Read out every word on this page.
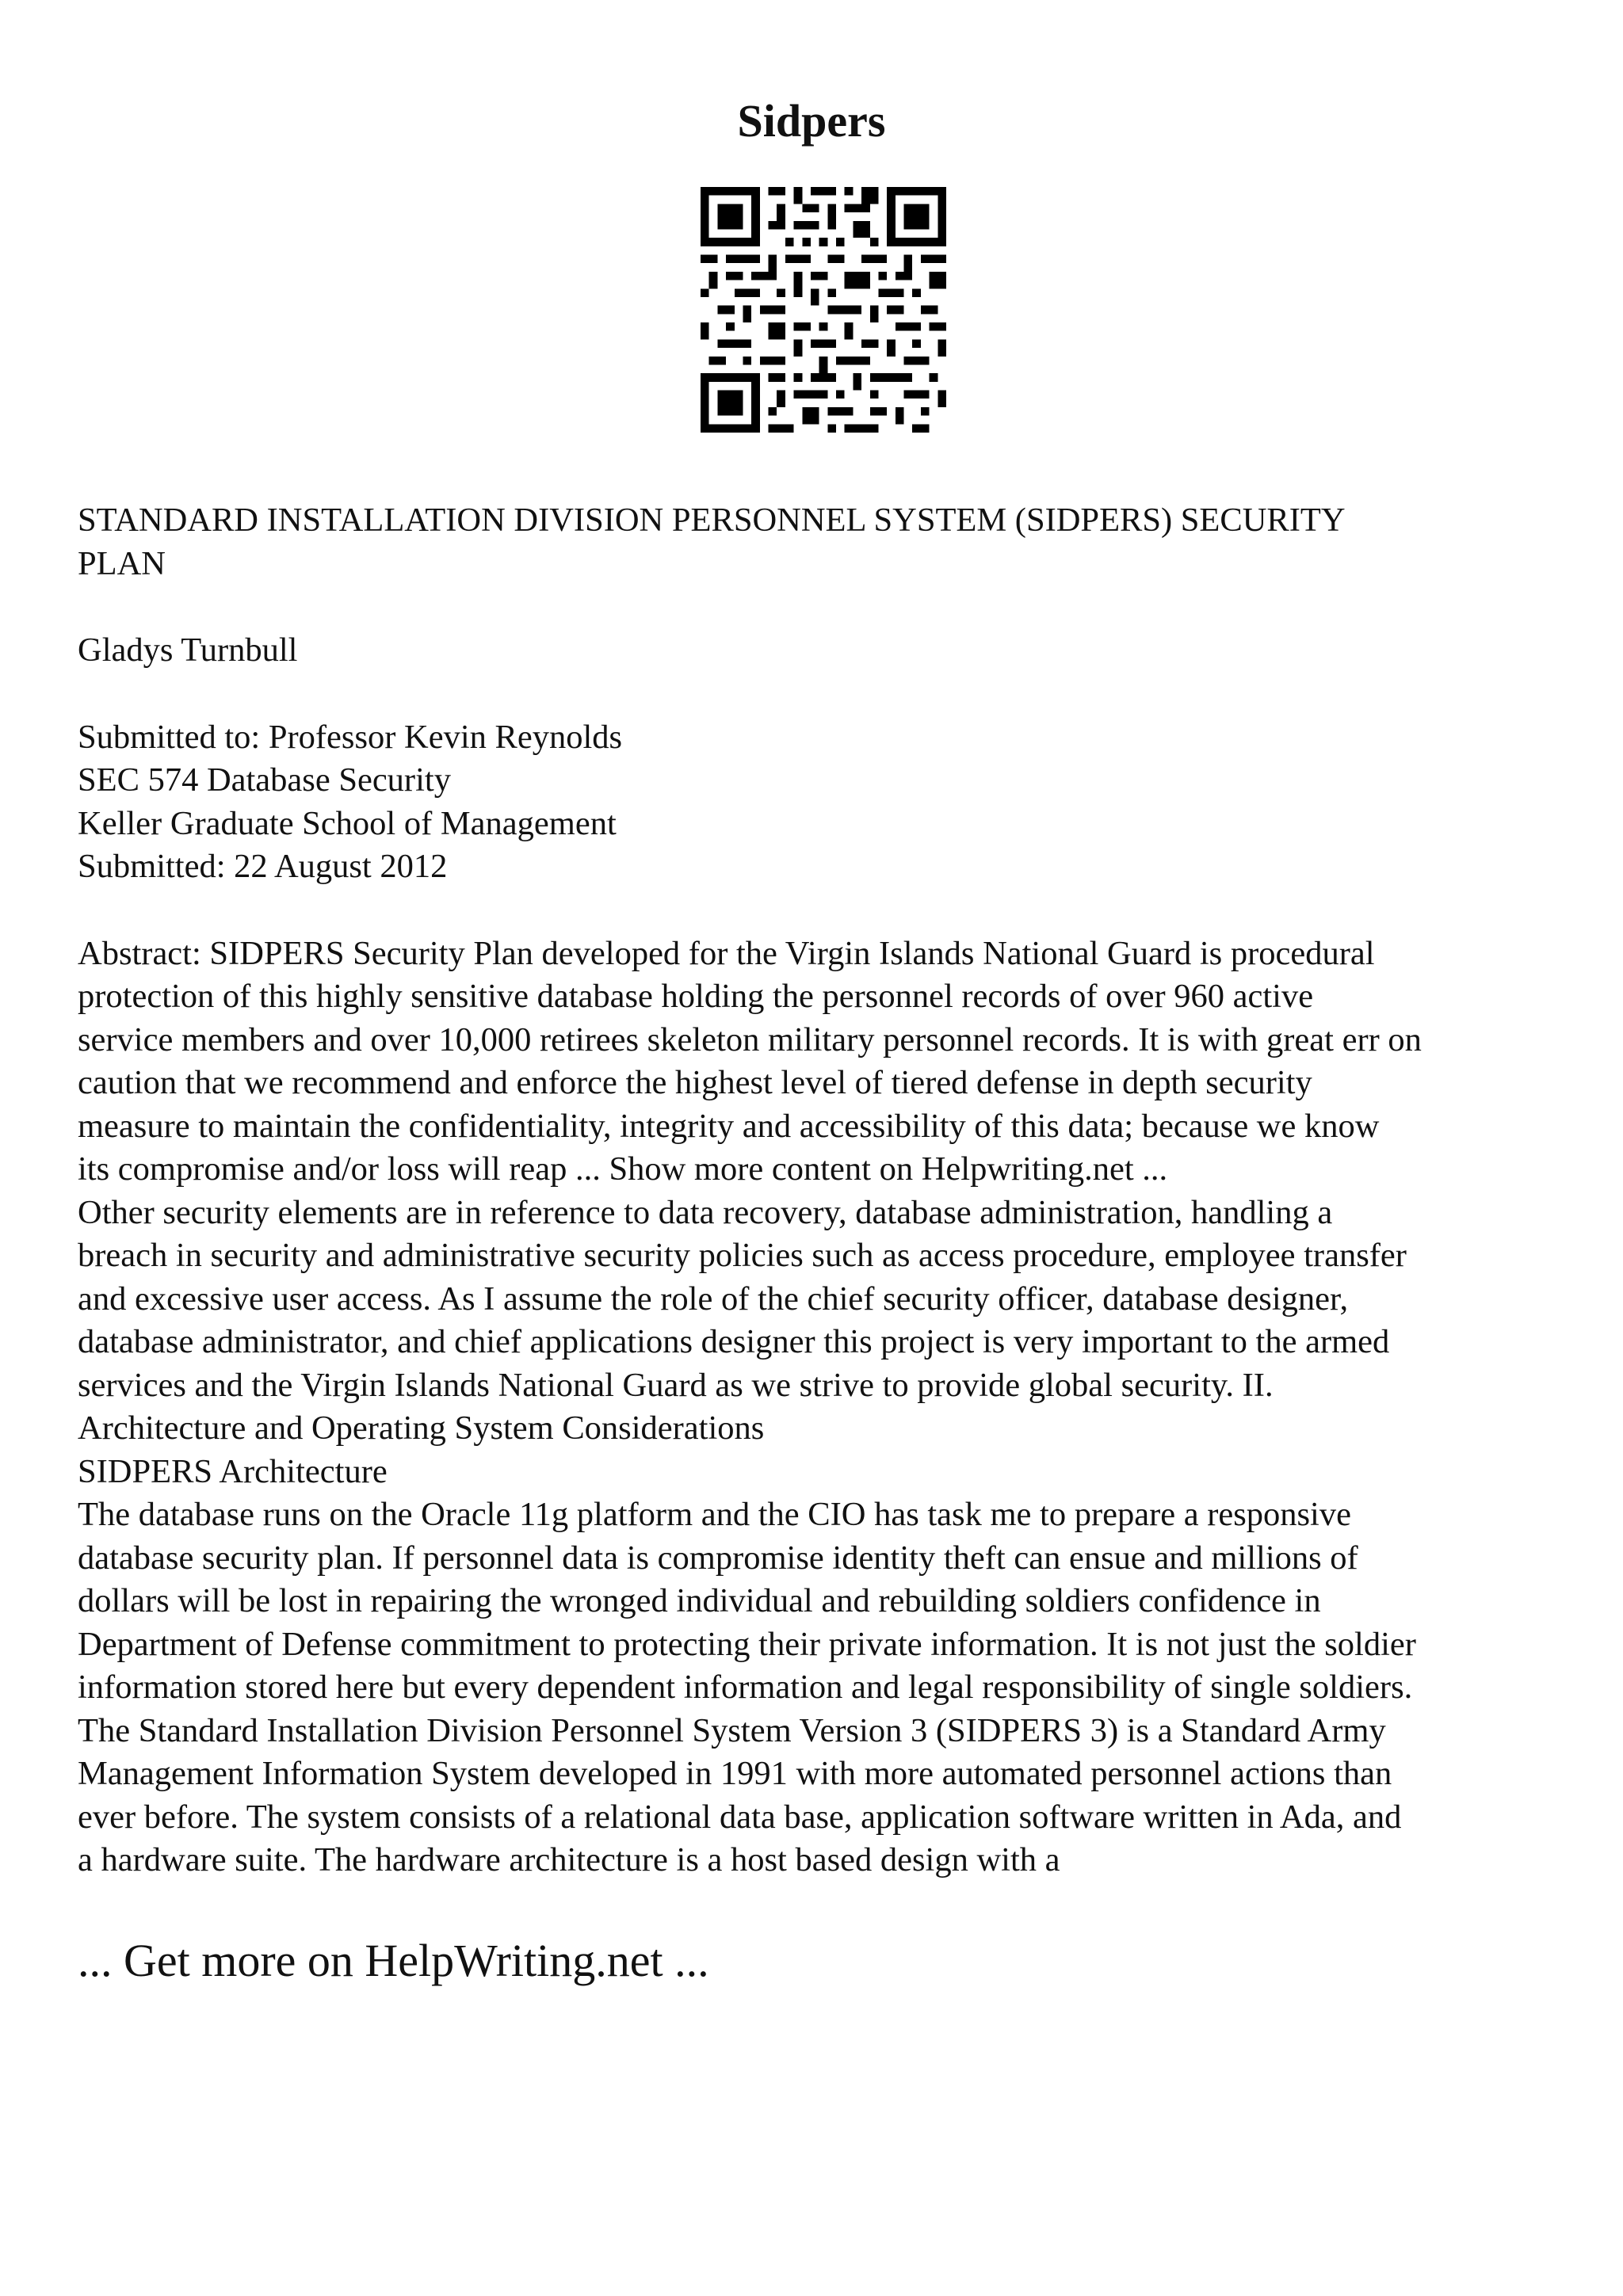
Sidpers

STANDARD INSTALLATION DIVISION PERSONNEL SYSTEM (SIDPERS) SECURITY
PLAN

Gladys Turnbull

Submitted to: Professor Kevin Reynolds
SEC 574 Database Security
Keller Graduate School of Management
Submitted: 22 August 2012

Abstract: SIDPERS Security Plan developed for the Virgin Islands National Guard is procedural
protection of this highly sensitive database holding the personnel records of over 960 active
service members and over 10,000 retirees skeleton military personnel records. It is with great err on
caution that we recommend and enforce the highest level of tiered defense in depth security
measure to maintain the confidentiality, integrity and accessibility of this data; because we know
its compromise and/or loss will reap ... Show more content on Helpwriting.net ...
Other security elements are in reference to data recovery, database administration, handling a
breach in security and administrative security policies such as access procedure, employee transfer
and excessive user access. As I assume the role of the chief security officer, database designer,
database administrator, and chief applications designer this project is very important to the armed
services and the Virgin Islands National Guard as we strive to provide global security. II.
Architecture and Operating System Considerations
SIDPERS Architecture
The database runs on the Oracle 11g platform and the CIO has task me to prepare a responsive
database security plan. If personnel data is compromise identity theft can ensue and millions of
dollars will be lost in repairing the wronged individual and rebuilding soldiers confidence in
Department of Defense commitment to protecting their private information. It is not just the soldier
information stored here but every dependent information and legal responsibility of single soldiers.
The Standard Installation Division Personnel System Version 3 (SIDPERS 3) is a Standard Army
Management Information System developed in 1991 with more automated personnel actions than
ever before. The system consists of a relational data base, application software written in Ada, and
a hardware suite. The hardware architecture is a host based design with a

... Get more on HelpWriting.net ...
